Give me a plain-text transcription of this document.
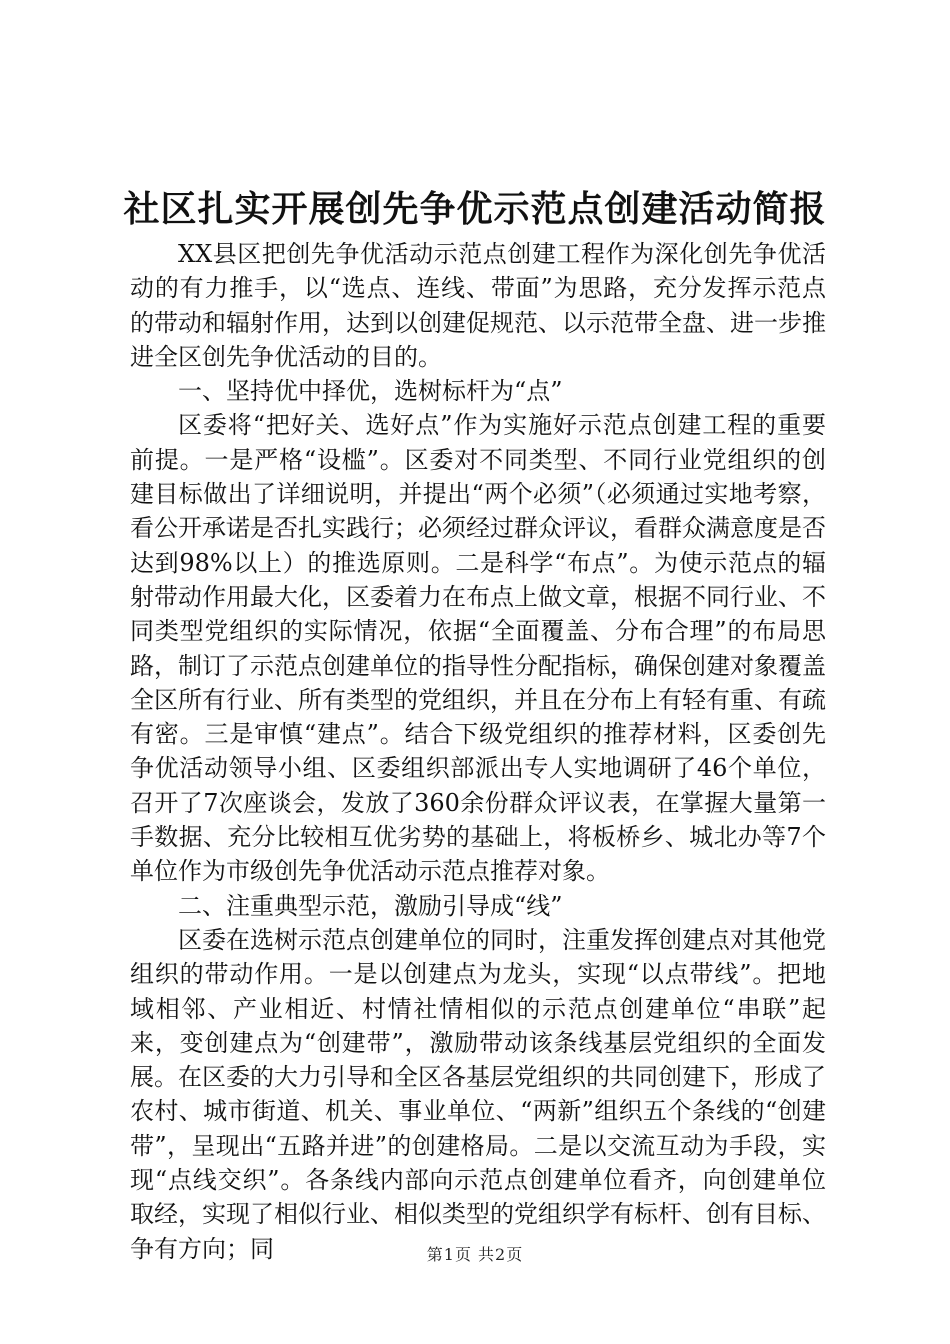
社区扎实开展创先争优示范点创建活动简报

XX县区把创先争优活动示范点创建工程作为深化创先争优活动的有力推手，以“选点、连线、带面”为思路，充分发挥示范点的带动和辐射作用，达到以创建促规范、以示范带全盘、进一步推进全区创先争优活动的目的。

一、坚持优中择优，选树标杆为“点”

区委将“把好关、选好点”作为实施好示范点创建工程的重要前提。一是严格“设槛”。区委对不同类型、不同行业党组织的创建目标做出了详细说明，并提出“两个必须”（必须通过实地考察，看公开承诺是否扎实践行；必须经过群众评议，看群众满意度是否达到98%以上）的推选原则。二是科学“布点”。为使示范点的辐射带动作用最大化，区委着力在布点上做文章，根据不同行业、不同类型党组织的实际情况，依据“全面覆盖、分布合理”的布局思路，制订了示范点创建单位的指导性分配指标，确保创建对象覆盖全区所有行业、所有类型的党组织，并且在分布上有轻有重、有疏有密。三是审慎“建点”。结合下级党组织的推荐材料，区委创先争优活动领导小组、区委组织部派出专人实地调研了46个单位，召开了7次座谈会，发放了360余份群众评议表，在掌握大量第一手数据、充分比较相互优劣势的基础上，将板桥乡、城北办等7个单位作为市级创先争优活动示范点推荐对象。

二、注重典型示范，激励引导成“线”

区委在选树示范点创建单位的同时，注重发挥创建点对其他党组织的带动作用。一是以创建点为龙头，实现“以点带线”。把地域相邻、产业相近、村情社情相似的示范点创建单位“串联”起来，变创建点为“创建带”，激励带动该条线基层党组织的全面发展。在区委的大力引导和全区各基层党组织的共同创建下，形成了农村、城市街道、机关、事业单位、“两新”组织五个条线的“创建带”，呈现出“五路并进”的创建格局。二是以交流互动为手段，实现“点线交织”。各条线内部向示范点创建单位看齐，向创建单位取经，实现了相似行业、相似类型的党组织学有标杆、创有目标、争有方向；同	第1页 共2页
